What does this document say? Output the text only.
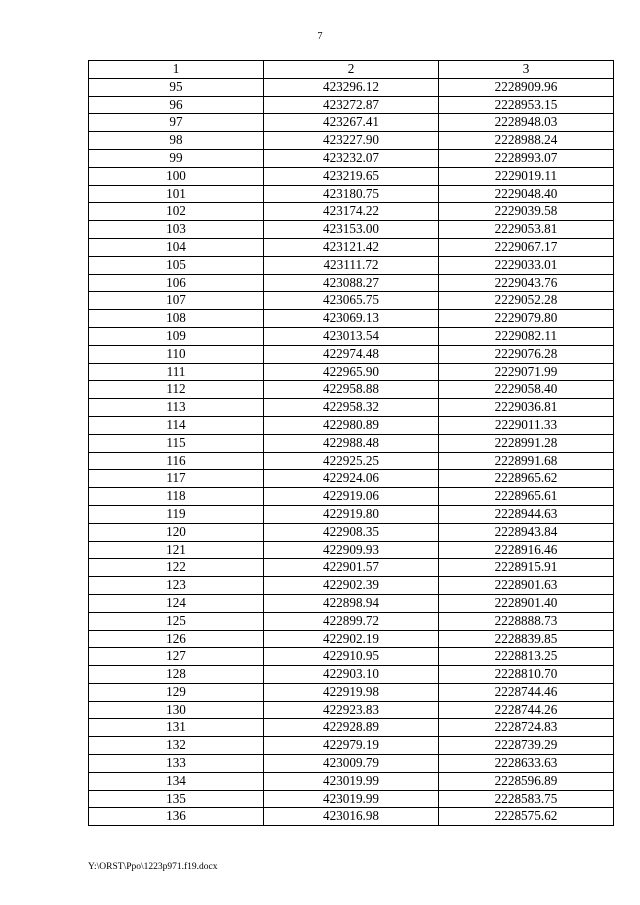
7
1	2	3
95	423296.12	2228909.96
96	423272.87	2228953.15
97	423267.41	2228948.03
98	423227.90	2228988.24
99	423232.07	2228993.07
100	423219.65	2229019.11
101	423180.75	2229048.40
102	423174.22	2229039.58
103	423153.00	2229053.81
104	423121.42	2229067.17
105	423111.72	2229033.01
106	423088.27	2229043.76
107	423065.75	2229052.28
108	423069.13	2229079.80
109	423013.54	2229082.11
110	422974.48	2229076.28
111	422965.90	2229071.99
112	422958.88	2229058.40
113	422958.32	2229036.81
114	422980.89	2229011.33
115	422988.48	2228991.28
116	422925.25	2228991.68
117	422924.06	2228965.62
118	422919.06	2228965.61
119	422919.80	2228944.63
120	422908.35	2228943.84
121	422909.93	2228916.46
122	422901.57	2228915.91
123	422902.39	2228901.63
124	422898.94	2228901.40
125	422899.72	2228888.73
126	422902.19	2228839.85
127	422910.95	2228813.25
128	422903.10	2228810.70
129	422919.98	2228744.46
130	422923.83	2228744.26
131	422928.89	2228724.83
132	422979.19	2228739.29
133	423009.79	2228633.63
134	423019.99	2228596.89
135	423019.99	2228583.75
136	423016.98	2228575.62
Y:\ORST\Ppo\1223p971.f19.docx
